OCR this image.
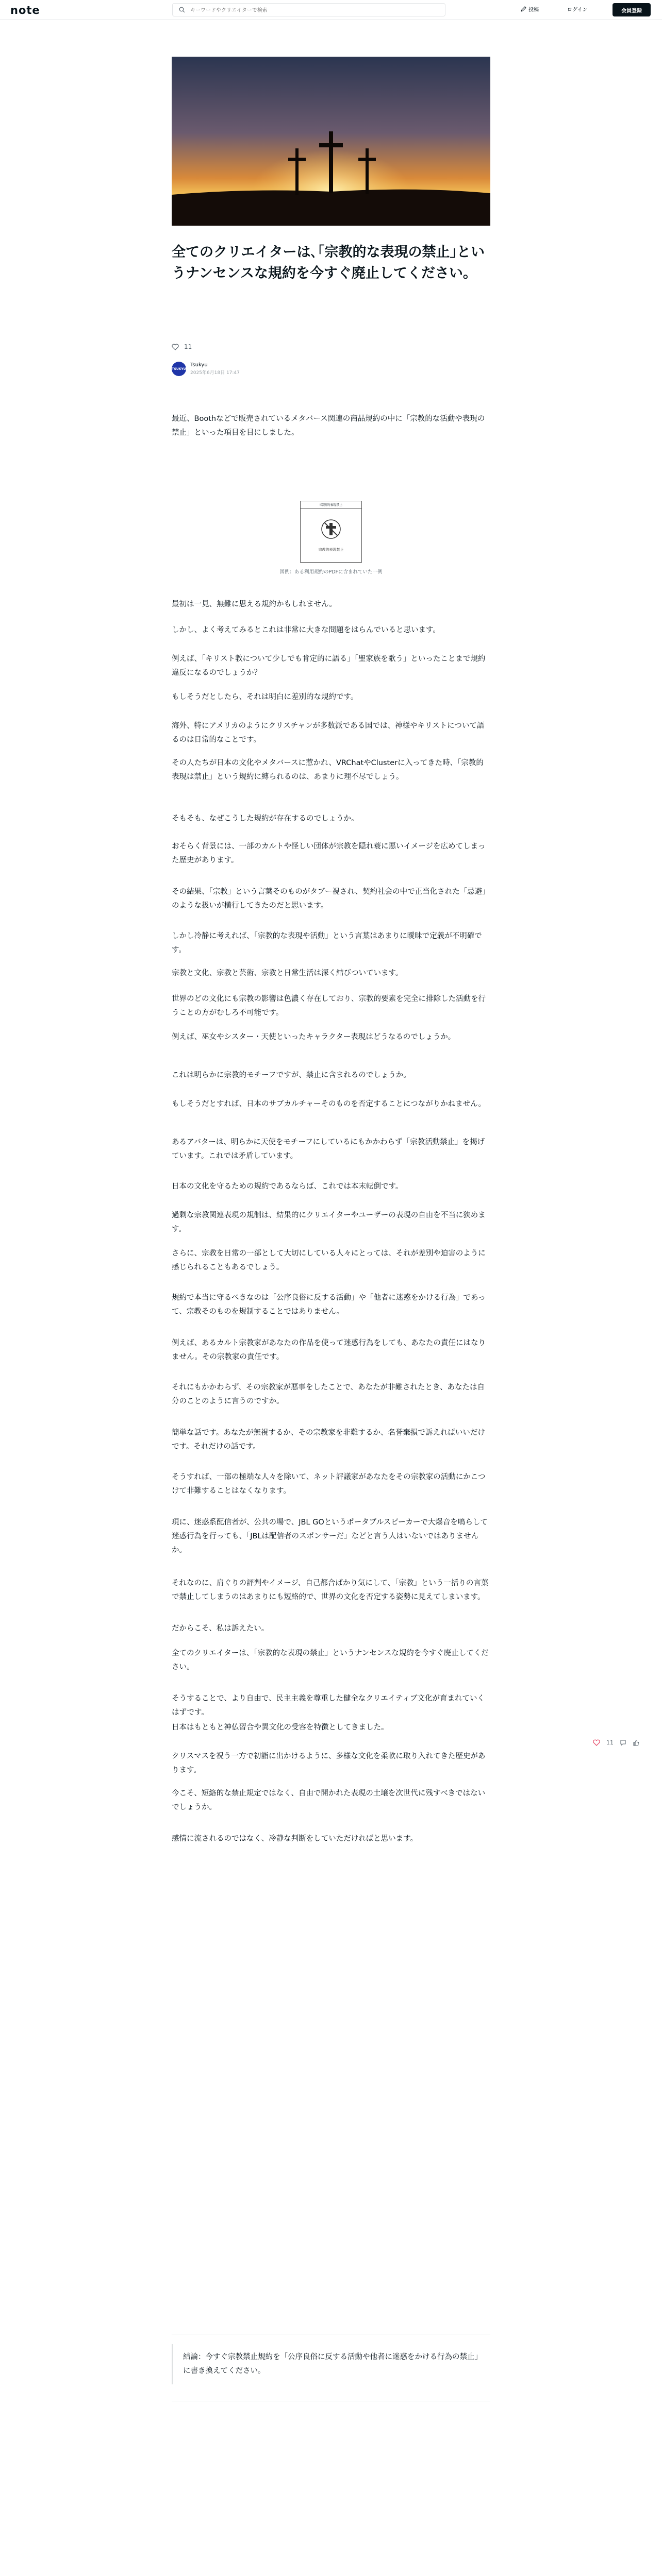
note
キーワードやクリエイターで検索	投稿	ログイン	会員登録
全てのクリエイターは､｢宗教的な表現の禁止｣というナンセンスな規約を今すぐ廃止してください｡
11
TSUKYU
Tsukyu
2025年6月18日 17:47

最近、Boothなどで販売されているメタバース関連の商品規約の中に「宗教的な活動や表現の禁止」といった項目を目にしました。

最初は一見、無難に思える規約かもしれません。

しかし、よく考えてみるとこれは非常に大きな問題をはらんでいると思います。

例えば、「キリスト教について少しでも肯定的に語る」「聖家族を歌う」といったことまで規約違反になるのでしょうか？

もしそうだとしたら、それは明白に差別的な規約です。

海外、特にアメリカのようにクリスチャンが多数派である国では、神様やキリストについて語るのは日常的なことです。

その人たちが日本の文化やメタバースに惹かれ、VRChatやClusterに入ってきた時、「宗教的表現は禁止」という規約に縛られるのは、あまりに理不尽でしょう。

そもそも、なぜこうした規約が存在するのでしょうか。

おそらく背景には、一部のカルトや怪しい団体が宗教を隠れ蓑に悪いイメージを広めてしまった歴史があります。

その結果、「宗教」という言葉そのものがタブー視され、契約社会の中で正当化された「忌避」のような扱いが横行してきたのだと思います。

しかし冷静に考えれば、「宗教的な表現や活動」という言葉はあまりに曖昧で定義が不明確です。

宗教と文化、宗教と芸術、宗教と日常生活は深く結びついています。

世界のどの文化にも宗教の影響は色濃く存在しており、宗教的要素を完全に排除した活動を行うことの方がむしろ不可能です。

例えば、巫女やシスター・天使といったキャラクター表現はどうなるのでしょうか。

これは明らかに宗教的モチーフですが、禁止に含まれるのでしょうか。

もしそうだとすれば、日本のサブカルチャーそのものを否定することにつながりかねません。

あるアバターは、明らかに天使をモチーフにしているにもかかわらず「宗教活動禁止」を掲げています。これでは矛盾しています。

日本の文化を守るための規約であるならば、これでは本末転倒です。

過剰な宗教関連表現の規制は、結果的にクリエイターやユーザーの表現の自由を不当に狭めます。

さらに、宗教を日常の一部として大切にしている人々にとっては、それが差別や迫害のように感じられることもあるでしょう。

規約で本当に守るべきなのは「公序良俗に反する活動」や「他者に迷惑をかける行為」であって、宗教そのものを規制することではありません。

例えば、あるカルト宗教家があなたの作品を使って迷惑行為をしても、あなたの責任にはなりません。その宗教家の責任です。

それにもかかわらず、その宗教家が悪事をしたことで、あなたが非難されたとき、あなたは自分のことのように言うのですか。

簡単な話です。あなたが無視するか、その宗教家を非難するか、名誉棄損で訴えればいいだけです。それだけの話です。

そうすれば、一部の極端な人々を除いて、ネット評議家があなたをその宗教家の活動にかこつけて非難することはなくなります。

現に、迷惑系配信者が、公共の場で、JBL GOというポータブルスピーカーで大爆音を鳴らして迷惑行為を行っても、「JBLは配信者のスポンサーだ」などと言う人はいないではありませんか。

それなのに、肩ぐりの評判やイメージ、自己都合ばかり気にして、「宗教」という一括りの言葉で禁止してしまうのはあまりにも短絡的で、世界の文化を否定する姿勢に見えてしまいます。

だからこそ、私は訴えたい。

全てのクリエイターは、「宗教的な表現の禁止」というナンセンスな規約を今すぐ廃止してください。

そうすることで、より自由で、民主主義を尊重した健全なクリエイティブ文化が育まれていくはずです。

日本はもともと神仏習合や異文化の受容を特徴としてきました。

クリスマスを祝う一方で初詣に出かけるように、多様な文化を柔軟に取り入れてきた歴史があります。

今こそ、短絡的な禁止規定ではなく、自由で開かれた表現の土壌を次世代に残すべきではないでしょうか。

感情に流されるのではなく、冷静な判断をしていただければと思います。

!宗教的表現禁止
宗教的表現禁止
図例：ある利用規約のPDFに含まれていた一例
11
結論：今すぐ宗教禁止規約を「公序良俗に反する活動や他者に迷惑をかける行為の禁止」に書き換えてください。
